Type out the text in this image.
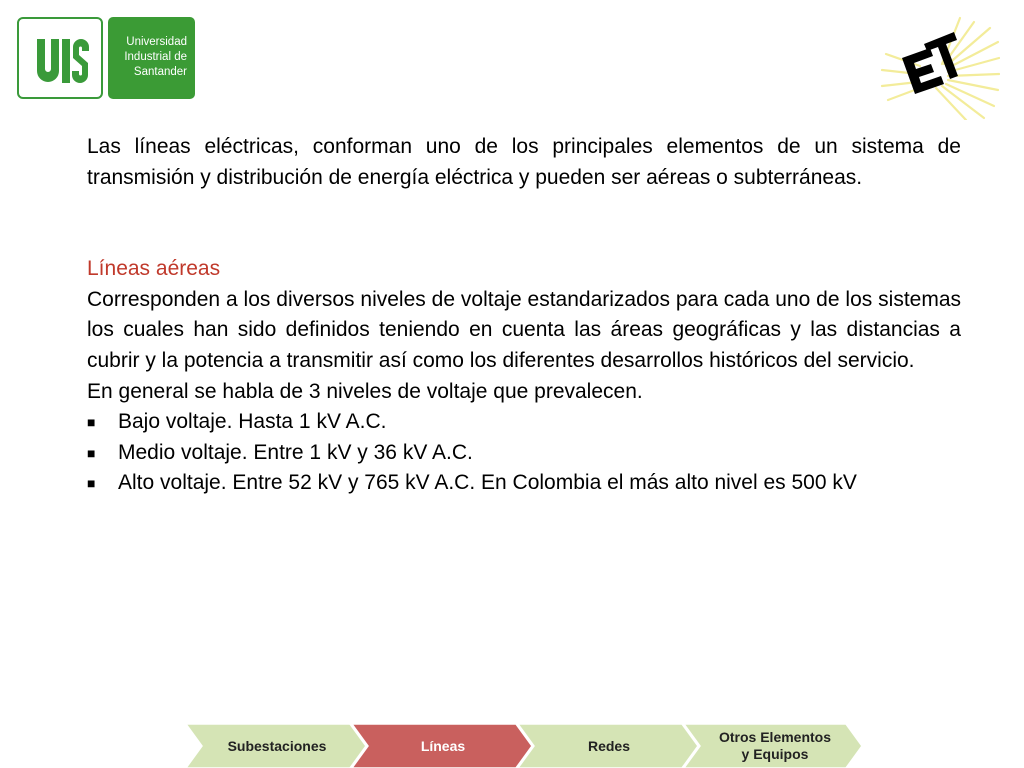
Universidad
Industrial de
Santander

Las líneas eléctricas, conforman uno de los principales elementos de un sistema de transmisión y distribución de energía eléctrica y pueden ser aéreas o subterráneas.

Líneas aéreas

Corresponden a los diversos niveles de voltaje estandarizados para cada uno de los sistemas los cuales han sido definidos teniendo en cuenta las áreas geográficas y las distancias a cubrir y la potencia a transmitir así como los diferentes desarrollos históricos del servicio.

En general se habla de 3 niveles de voltaje que prevalecen.

■ Bajo voltaje. Hasta 1 kV A.C.
■ Medio voltaje. Entre 1 kV y 36 kV A.C.
■ Alto voltaje. Entre 52 kV y 765 kV A.C. En Colombia el más alto nivel es 500 kV
Subestaciones	Líneas	Redes
Otros Elementos
y Equipos
